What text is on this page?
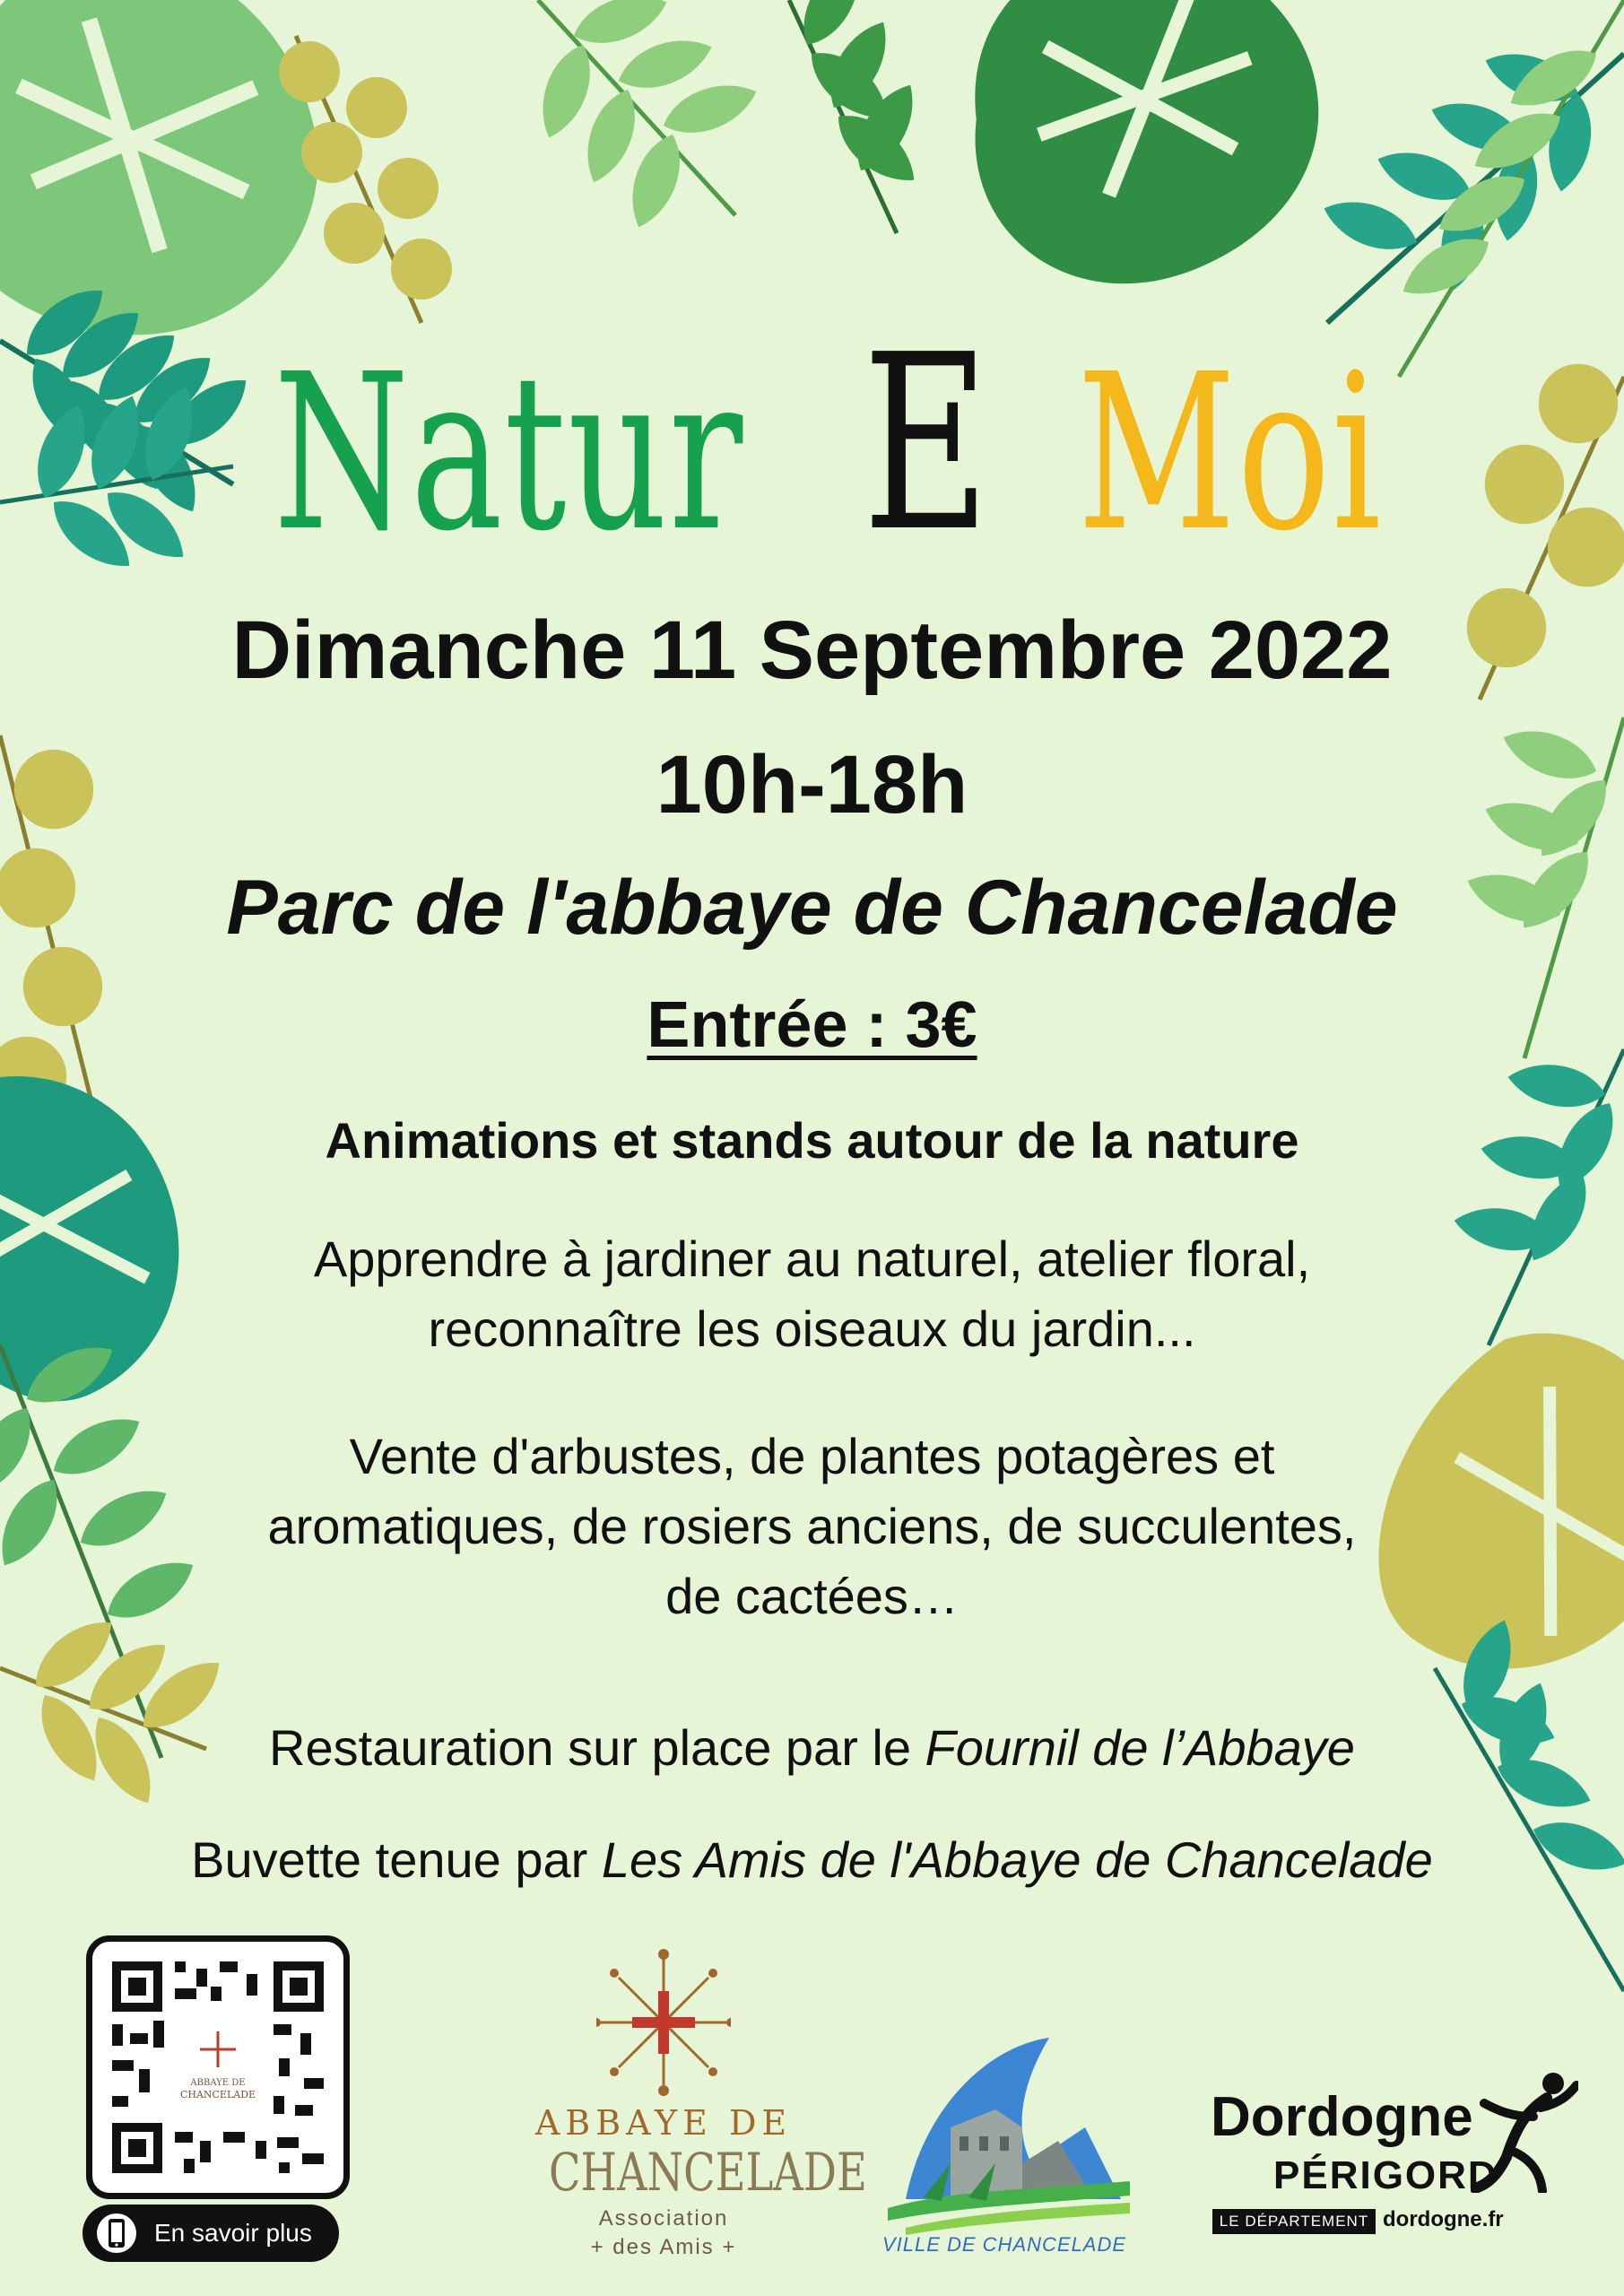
Natur E Moi
Dimanche 11 Septembre 2022
10h-18h
Parc de l'abbaye de Chancelade
Entrée : 3€
Animations et stands autour de la nature
Apprendre à jardiner au naturel, atelier floral,
reconnaître les oiseaux du jardin...
Vente d'arbustes, de plantes potagères et
aromatiques, de rosiers anciens, de succulentes,
de cactées…
Restauration sur place par le Fournil de l’Abbaye
Buvette tenue par Les Amis de l'Abbaye de Chancelade
ABBAYE DE
CHANCELADE
En savoir plus
ABBAYE DE
CHANCELADE
Association
+ des Amis +	VILLE DE CHANCELADE
Dordogne
PÉRIGORD
LE DÉPARTEMENT dordogne.fr
